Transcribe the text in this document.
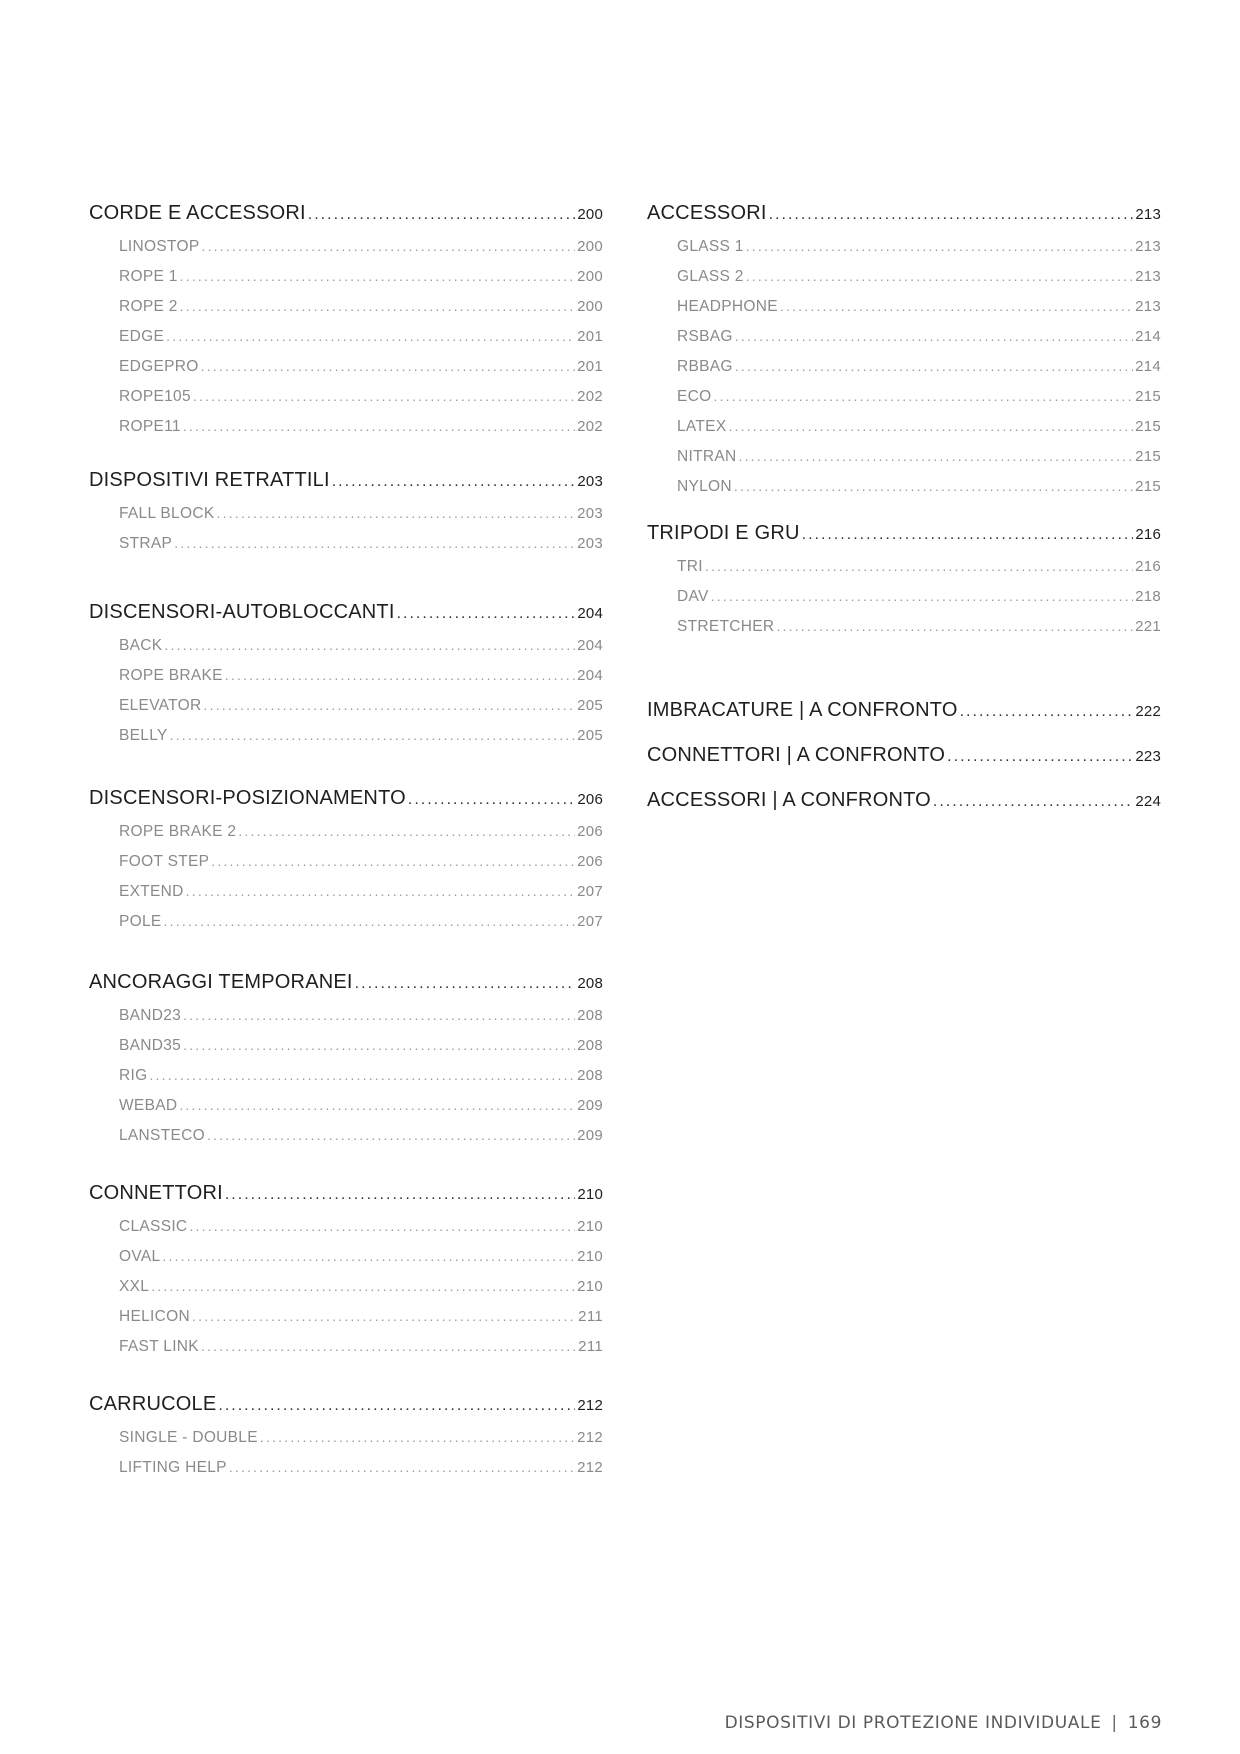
CORDE E ACCESSORI .....	200
LINOSTOP .....	200
ROPE 1 .....	200
ROPE 2 .....	200
EDGE .....	201
EDGEPRO .....	201
ROPE105 .....	202
ROPE11 .....	202
DISPOSITIVI RETRATTILI .....	203
FALL BLOCK .....	203
STRAP .....	203
DISCENSORI-AUTOBLOCCANTI .....	204
BACK .....	204
ROPE BRAKE .....	204
ELEVATOR .....	205
BELLY .....	205
DISCENSORI-POSIZIONAMENTO .....	206
ROPE BRAKE 2 .....	206
FOOT STEP .....	206
EXTEND .....	207
POLE .....	207
ANCORAGGI TEMPORANEI .....	208
BAND23 .....	208
BAND35 .....	208
RIG .....	208
WEBAD .....	209
LANSTECO .....	209
CONNETTORI .....	210
CLASSIC .....	210
OVAL .....	210
XXL .....	210
HELICON .....	211
FAST LINK .....	211
CARRUCOLE .....	212
SINGLE - DOUBLE .....	212
LIFTING HELP .....	212
ACCESSORI .....	213
GLASS 1 .....	213
GLASS 2 .....	213
HEADPHONE .....	213
RSBAG .....	214
RBBAG .....	214
ECO .....	215
LATEX .....	215
NITRAN .....	215
NYLON .....	215
TRIPODI E GRU .....	216
TRI .....	216
DAV .....	218
STRETCHER .....	221
IMBRACATURE | A CONFRONTO .....	222
CONNETTORI | A CONFRONTO .....	223
ACCESSORI | A CONFRONTO .....	224
DISPOSITIVI DI PROTEZIONE INDIVIDUALE | 169
